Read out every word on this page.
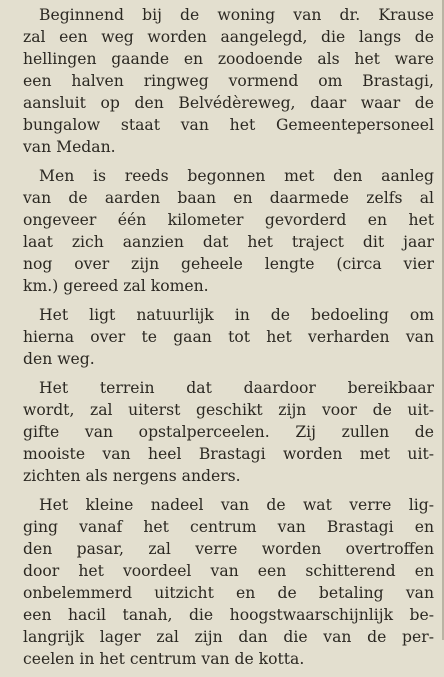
Beginnend bij de woning van dr. Krause
zal een weg worden aangelegd, die langs de
hellingen gaande en zoodoende als het ware
een halven ringweg vormend om Brastagi,
aansluit op den Belvédèreweg, daar waar de
bungalow staat van het Gemeentepersoneel
van Medan.

Men is reeds begonnen met den aanleg
van de aarden baan en daarmede zelfs al
ongeveer één kilometer gevorderd en het
laat zich aanzien dat het traject dit jaar
nog over zijn geheele lengte (circa vier
km.) gereed zal komen.

Het ligt natuurlijk in de bedoeling om
hierna over te gaan tot het verharden van
den weg.

Het terrein dat daardoor bereikbaar
wordt, zal uiterst geschikt zijn voor de uit-
gifte van opstalperceelen. Zij zullen de
mooiste van heel Brastagi worden met uit-
zichten als nergens anders.

Het kleine nadeel van de wat verre lig-
ging vanaf het centrum van Brastagi en
den pasar, zal verre worden overtroffen
door het voordeel van een schitterend en
onbelemmerd uitzicht en de betaling van
een hacil tanah, die hoogstwaarschijnlijk be-
langrijk lager zal zijn dan die van de per-
ceelen in het centrum van de kotta.
